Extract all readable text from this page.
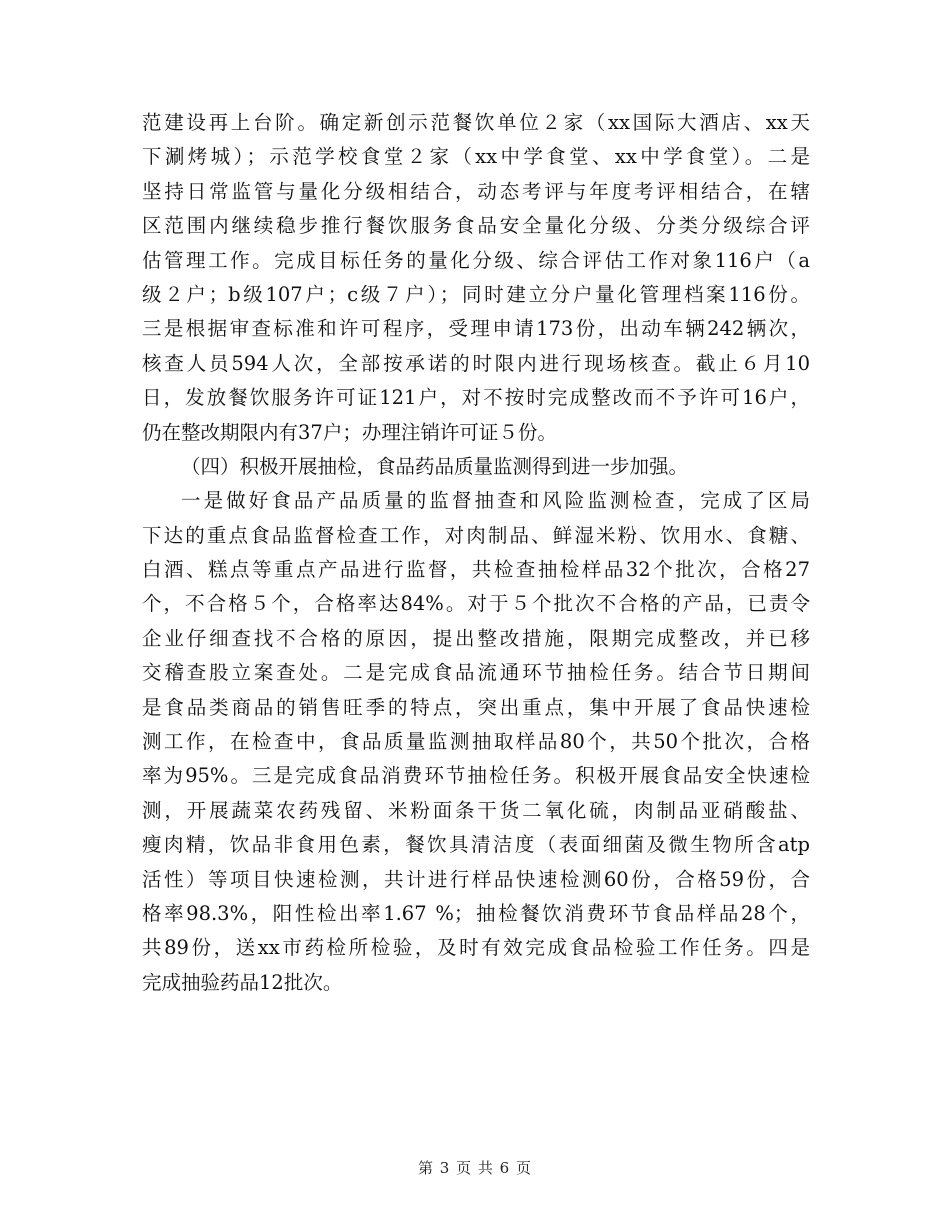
范建设再上台阶。确定新创示范餐饮单位２家（xx国际大酒店、xx天
下涮烤城）；示范学校食堂２家（xx中学食堂、xx中学食堂）。二是
坚持日常监管与量化分级相结合，动态考评与年度考评相结合，在辖
区范围内继续稳步推行餐饮服务食品安全量化分级、分类分级综合评
估管理工作。完成目标任务的量化分级、综合评估工作对象116户（a
级２户；b级107户；c级７户）；同时建立分户量化管理档案116份。
三是根据审查标准和许可程序，受理申请173份，出动车辆242辆次，
核查人员594人次，全部按承诺的时限内进行现场核查。截止６月10
日，发放餐饮服务许可证121户，对不按时完成整改而不予许可16户，
仍在整改期限内有37户；办理注销许可证５份。
（四）积极开展抽检，食品药品质量监测得到进一步加强。
一是做好食品产品质量的监督抽查和风险监测检查，完成了区局
下达的重点食品监督检查工作，对肉制品、鲜湿米粉、饮用水、食糖、
白酒、糕点等重点产品进行监督，共检查抽检样品32个批次，合格27
个，不合格５个，合格率达84%。对于５个批次不合格的产品，已责令
企业仔细查找不合格的原因，提出整改措施，限期完成整改，并已移
交稽查股立案查处。二是完成食品流通环节抽检任务。结合节日期间
是食品类商品的销售旺季的特点，突出重点，集中开展了食品快速检
测工作，在检查中，食品质量监测抽取样品80个，共50个批次，合格
率为95%。三是完成食品消费环节抽检任务。积极开展食品安全快速检
测，开展蔬菜农药残留、米粉面条干货二氧化硫，肉制品亚硝酸盐、
瘦肉精，饮品非食用色素，餐饮具清洁度（表面细菌及微生物所含atp
活性）等项目快速检测，共计进行样品快速检测60份，合格59份，合
格率98.3%，阳性检出率1.67 %；抽检餐饮消费环节食品样品28个，
共89份，送xx市药检所检验，及时有效完成食品检验工作任务。四是
完成抽验药品12批次。
第 3 页 共 6 页
